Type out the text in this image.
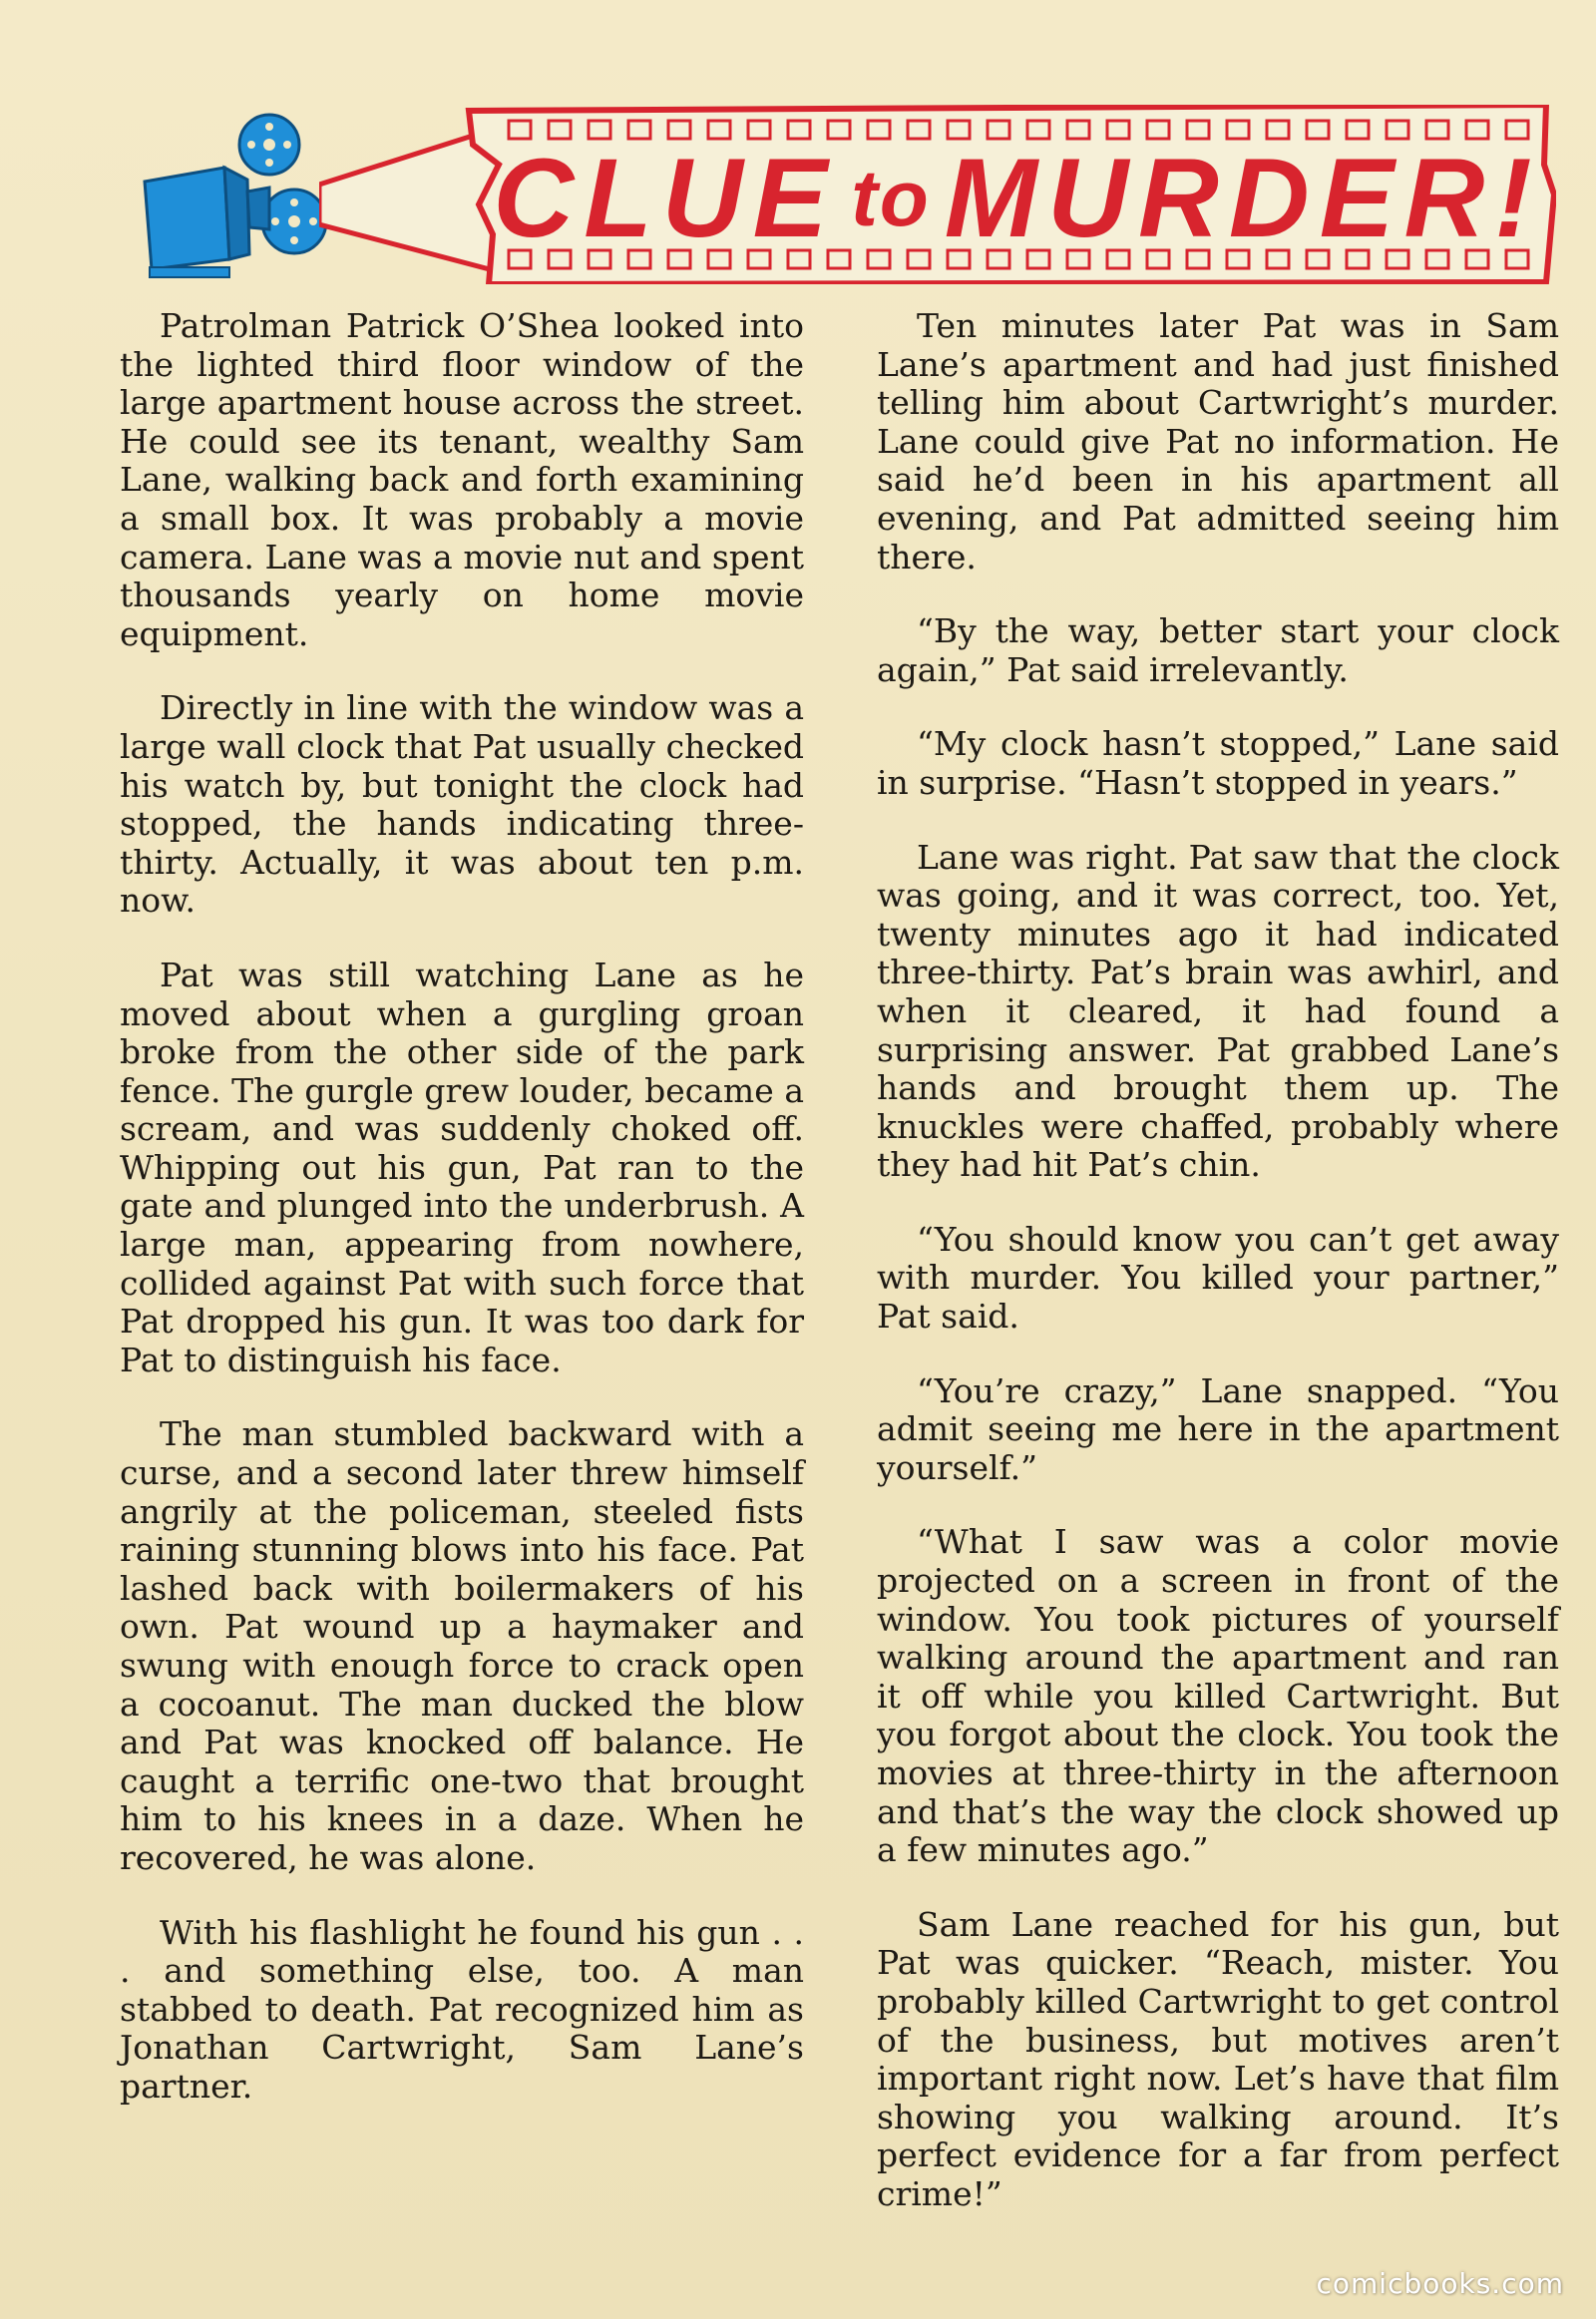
CLUE to MURDER!

Patrolman Patrick O’Shea looked into the lighted third floor window of the large apartment house across the street. He could see its tenant, wealthy Sam Lane, walking back and forth examining a small box. It was probably a movie camera. Lane was a movie nut and spent thousands yearly on home movie equipment.

Directly in line with the window was a large wall clock that Pat usually checked his watch by, but tonight the clock had stopped, the hands indicating three-thirty. Actually, it was about ten p.m. now.

Pat was still watching Lane as he moved about when a gurgling groan broke from the other side of the park fence. The gurgle grew louder, became a scream, and was suddenly choked off. Whipping out his gun, Pat ran to the gate and plunged into the underbrush. A large man, appearing from nowhere, collided against Pat with such force that Pat dropped his gun. It was too dark for Pat to distinguish his face.

The man stumbled backward with a curse, and a second later threw himself angrily at the policeman, steeled fists raining stunning blows into his face. Pat lashed back with boilermakers of his own. Pat wound up a haymaker and swung with enough force to crack open a cocoanut. The man ducked the blow and Pat was knocked off balance. He caught a terrific one-two that brought him to his knees in a daze. When he recovered, he was alone.

With his flashlight he found his gun . . . and something else, too. A man stabbed to death. Pat recognized him as Jonathan Cartwright, Sam Lane’s partner.

Ten minutes later Pat was in Sam Lane’s apartment and had just finished telling him about Cartwright’s murder. Lane could give Pat no information. He said he’d been in his apartment all evening, and Pat admitted seeing him there.

“By the way, better start your clock again,” Pat said irrelevantly.

“My clock hasn’t stopped,” Lane said in surprise. “Hasn’t stopped in years.”

Lane was right. Pat saw that the clock was going, and it was correct, too. Yet, twenty minutes ago it had indicated three-thirty. Pat’s brain was awhirl, and when it cleared, it had found a surprising answer. Pat grabbed Lane’s hands and brought them up. The knuckles were chaffed, probably where they had hit Pat’s chin.

“You should know you can’t get away with murder. You killed your partner,” Pat said.

“You’re crazy,” Lane snapped. “You admit seeing me here in the apartment yourself.”

“What I saw was a color movie projected on a screen in front of the window. You took pictures of yourself walking around the apartment and ran it off while you killed Cartwright. But you forgot about the clock. You took the movies at three-thirty in the afternoon and that’s the way the clock showed up a few minutes ago.”

Sam Lane reached for his gun, but Pat was quicker. “Reach, mister. You probably killed Cartwright to get control of the business, but motives aren’t important right now. Let’s have that film showing you walking around. It’s perfect evidence for a far from perfect crime!”

comicbooks.com
